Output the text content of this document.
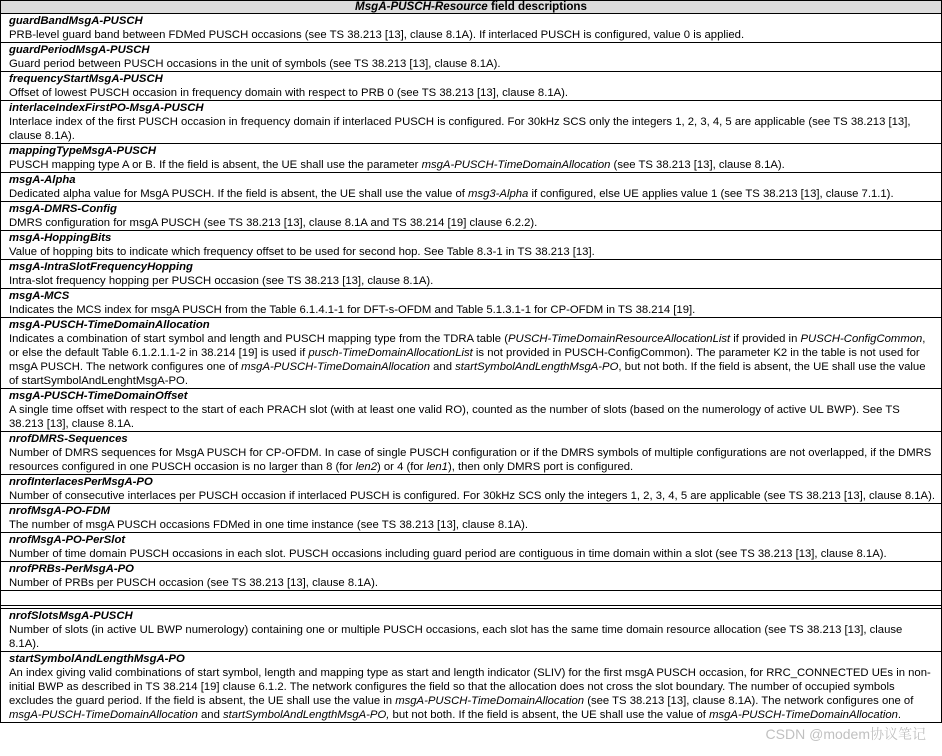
MsgA-PUSCH-Resource field descriptions
guardBandMsgA-PUSCH
PRB-level guard band between FDMed PUSCH occasions (see TS 38.213 [13], clause 8.1A). If interlaced PUSCH is configured, value 0 is applied.
guardPeriodMsgA-PUSCH
Guard period between PUSCH occasions in the unit of symbols (see TS 38.213 [13], clause 8.1A).
frequencyStartMsgA-PUSCH
Offset of lowest PUSCH occasion in frequency domain with respect to PRB 0 (see TS 38.213 [13], clause 8.1A).
interlaceIndexFirstPO-MsgA-PUSCH
Interlace index of the first PUSCH occasion in frequency domain if interlaced PUSCH is configured. For 30kHz SCS only the integers 1, 2, 3, 4, 5 are applicable (see TS 38.213 [13], clause 8.1A).
mappingTypeMsgA-PUSCH
PUSCH mapping type A or B. If the field is absent, the UE shall use the parameter msgA-PUSCH-TimeDomainAllocation (see TS 38.213 [13], clause 8.1A).
msgA-Alpha
Dedicated alpha value for MsgA PUSCH. If the field is absent, the UE shall use the value of msg3-Alpha if configured, else UE applies value 1 (see TS 38.213 [13], clause 7.1.1).
msgA-DMRS-Config
DMRS configuration for msgA PUSCH (see TS 38.213 [13], clause 8.1A and TS 38.214 [19] clause 6.2.2).
msgA-HoppingBits
Value of hopping bits to indicate which frequency offset to be used for second hop. See Table 8.3-1 in TS 38.213 [13].
msgA-IntraSlotFrequencyHopping
Intra-slot frequency hopping per PUSCH occasion (see TS 38.213 [13], clause 8.1A).
msgA-MCS
Indicates the MCS index for msgA PUSCH from the Table 6.1.4.1-1 for DFT-s-OFDM and Table 5.1.3.1-1 for CP-OFDM in TS 38.214 [19].
msgA-PUSCH-TimeDomainAllocation
Indicates a combination of start symbol and length and PUSCH mapping type from the TDRA table (PUSCH-TimeDomainResourceAllocationList if provided in PUSCH-ConfigCommon, or else the default Table 6.1.2.1.1-2 in 38.214 [19] is used if pusch-TimeDomainAllocationList is not provided in PUSCH-ConfigCommon). The parameter K2 in the table is not used for msgA PUSCH. The network configures one of msgA-PUSCH-TimeDomainAllocation and startSymbolAndLengthMsgA-PO, but not both. If the field is absent, the UE shall use the value of startSymbolAndLenghtMsgA-PO.
msgA-PUSCH-TimeDomainOffset
A single time offset with respect to the start of each PRACH slot (with at least one valid RO), counted as the number of slots (based on the numerology of active UL BWP). See TS 38.213 [13], clause 8.1A.
nrofDMRS-Sequences
Number of DMRS sequences for MsgA PUSCH for CP-OFDM. In case of single PUSCH configuration or if the DMRS symbols of multiple configurations are not overlapped, if the DMRS resources configured in one PUSCH occasion is no larger than 8 (for len2) or 4 (for len1), then only DMRS port is configured.
nrofInterlacesPerMsgA-PO
Number of consecutive interlaces per PUSCH occasion if interlaced PUSCH is configured. For 30kHz SCS only the integers 1, 2, 3, 4, 5 are applicable (see TS 38.213 [13], clause 8.1A).
nrofMsgA-PO-FDM
The number of msgA PUSCH occasions FDMed in one time instance (see TS 38.213 [13], clause 8.1A).
nrofMsgA-PO-PerSlot
Number of time domain PUSCH occasions in each slot. PUSCH occasions including guard period are contiguous in time domain within a slot (see TS 38.213 [13], clause 8.1A).
nrofPRBs-PerMsgA-PO
Number of PRBs per PUSCH occasion (see TS 38.213 [13], clause 8.1A).
nrofSlotsMsgA-PUSCH
Number of slots (in active UL BWP numerology) containing one or multiple PUSCH occasions, each slot has the same time domain resource allocation (see TS 38.213 [13], clause 8.1A).
startSymbolAndLengthMsgA-PO
An index giving valid combinations of start symbol, length and mapping type as start and length indicator (SLIV) for the first msgA PUSCH occasion, for RRC_CONNECTED UEs in non-initial BWP as described in TS 38.214 [19] clause 6.1.2. The network configures the field so that the allocation does not cross the slot boundary. The number of occupied symbols excludes the guard period. If the field is absent, the UE shall use the value in msgA-PUSCH-TimeDomainAllocation (see TS 38.213 [13], clause 8.1A). The network configures one of msgA-PUSCH-TimeDomainAllocation and startSymbolAndLengthMsgA-PO, but not both. If the field is absent, the UE shall use the value of msgA-PUSCH-TimeDomainAllocation.
CSDN @modem协议笔记
